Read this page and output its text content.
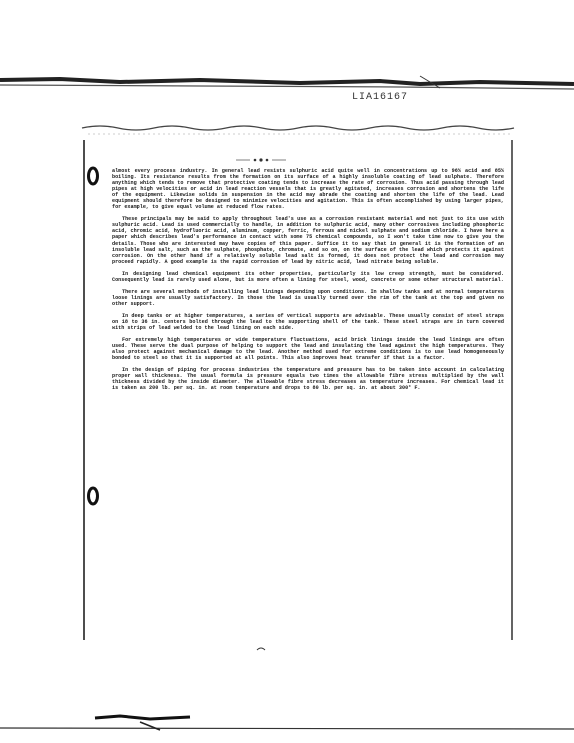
LIA16167

almost every process industry. In general lead resists sulphuric acid quite well in concentrations up to 96% acid and 85% boiling. Its resistance results from the formation on its surface of a highly insoluble coating of lead sulphate. Therefore anything which tends to remove that protective coating tends to increase the rate of corrosion. Thus acid passing through lead pipes at high velocities or acid in lead reaction vessels that is greatly agitated, increases corrosion and shortens the life of the equipment. Likewise solids in suspension in the acid may abrade the coating and shorten the life of the lead. Lead equipment should therefore be designed to minimize velocities and agitation. This is often accomplished by using larger pipes, for example, to give equal volume at reduced flow rates.

These principals may be said to apply throughout lead's use as a corrosion resistant material and not just to its use with sulphuric acid. Lead is used commercially to handle, in addition to sulphuric acid, many other corrosives including phosphoric acid, chromic acid, hydrofluoric acid, aluminum, copper, ferric, ferrous and nickel sulphate and sodium chloride. I have here a paper which describes lead's performance in contact with some 75 chemical compounds, so I won't take time now to give you the details. Those who are interested may have copies of this paper. Suffice it to say that in general it is the formation of an insoluble lead salt, such as the sulphate, phosphate, chromate, and so on, on the surface of the lead which protects it against corrosion. On the other hand if a relatively soluble lead salt is formed, it does not protect the lead and corrosion may proceed rapidly. A good example is the rapid corrosion of lead by nitric acid, lead nitrate being soluble.

In designing lead chemical equipment its other properties, particularly its low creep strength, must be considered. Consequently lead is rarely used alone, but is more often a lining for steel, wood, concrete or some other structural material.

There are several methods of installing lead linings depending upon conditions. In shallow tanks and at normal temperatures loose linings are usually satisfactory. In those the lead is usually turned over the rim of the tank at the top and given no other support.

In deep tanks or at higher temperatures, a series of vertical supports are advisable. These usually consist of steel straps on 18 to 36 in. centers bolted through the lead to the supporting shell of the tank. These steel straps are in turn covered with strips of lead welded to the lead lining on each side.

For extremely high temperatures or wide temperature fluctuations, acid brick linings inside the lead linings are often used. These serve the dual purpose of helping to support the lead and insulating the lead against the high temperatures. They also protect against mechanical damage to the lead. Another method used for extreme conditions is to use lead homogeneously bonded to steel so that it is supported at all points. This also improves heat transfer if that is a factor.

In the design of piping for process industries the temperature and pressure has to be taken into account in calculating proper wall thickness. The usual formula is pressure equals two times the allowable fibre stress multiplied by the wall thickness divided by the inside diameter. The allowable fibre stress decreases as temperature increases. For chemical lead it is taken as 200 lb. per sq. in. at room temperature and drops to 80 lb. per sq. in. at about 300° F.
